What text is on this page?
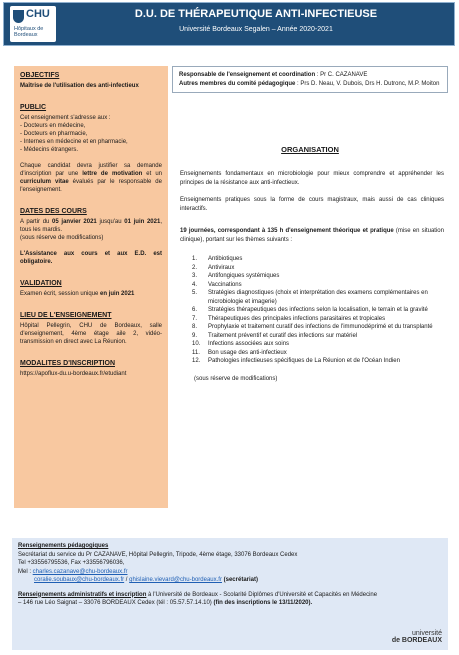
CHU
Hôpitaux de Bordeaux
D.U. DE THÉRAPEUTIQUE ANTI-INFECTIEUSE
Université Bordeaux Segalen – Année 2020-2021
OBJECTIFS
Maîtrise de l'utilisation des anti-infectieux
PUBLIC
Cet enseignement s'adresse aux :
- Docteurs en médecine,
- Docteurs en pharmacie,
- Internes en médecine et en pharmacie,
- Médecins étrangers.
Chaque candidat devra justifier sa demande d'inscription par une lettre de motivation et un curriculum vitae évalués par le responsable de l'enseignement.
DATES DES COURS
A partir du 05 janvier 2021 jusqu'au 01 juin 2021, tous les mardis.
(sous réserve de modifications)
L'Assistance aux cours et aux E.D. est obligatoire.
VALIDATION
Examen écrit, session unique en juin 2021
LIEU DE L'ENSEIGNEMENT
Hôpital Pellegrin, CHU de Bordeaux, salle d'enseignement, 4ème étage aile 2, vidéo-transmission en direct avec La Réunion.
MODALITES D'INSCRIPTION
https://apoflux-du.u-bordeaux.fr/etudiant
Responsable de l'enseignement et coordination : Pr C. CAZANAVE
Autres membres du comité pédagogique : Prs D. Neau, V. Dubois, Drs H. Dutronc, M.P. Moiton
ORGANISATION
Enseignements fondamentaux en microbiologie pour mieux comprendre et appréhender les principes de la résistance aux anti-infectieux.
Enseignements pratiques sous la forme de cours magistraux, mais aussi de cas cliniques interactifs.
19 journées, correspondant à 135 h d'enseignement théorique et pratique (mise en situation clinique), portant sur les thèmes suivants :
1.	Antibiotiques
2.	Antiviraux
3.	Antifongiques systémiques
4.	Vaccinations
5.	Stratégies diagnostiques (choix et interprétation des examens complémentaires en microbiologie et imagerie)
6.	Stratégies thérapeutiques des infections selon la localisation, le terrain et la gravité
7.	Thérapeutiques des principales infections parasitaires et tropicales
8.	Prophylaxie et traitement curatif des infections de l'immunodéprimé et du transplanté
9.	Traitement préventif et curatif des infections sur matériel
10.	Infections associées aux soins
11.	Bon usage des anti-infectieux
12.	Pathologies infectieuses spécifiques de La Réunion et de l'Océan Indien
(sous réserve de modifications)
Renseignements pédagogiques
Secrétariat du service du Pr CAZANAVE, Hôpital Pellegrin, Tripode, 4ème étage, 33076 Bordeaux Cedex
Tel +33556795536, Fax +33556796036,
Mel : charles.cazanave@chu-bordeaux.fr
coralie.soubaux@chu-bordeaux.fr / ghislaine.vievard@chu-bordeaux.fr (secrétariat)
Renseignements administratifs et inscription à l'Université de Bordeaux - Scolarité Diplômes d'Université et Capacités en Médecine – 146 rue Léo Saignat – 33076 BORDEAUX Cedex (tél : 05.57.57.14.10) (fin des inscriptions le 13/11/2020).
université
de BORDEAUX
